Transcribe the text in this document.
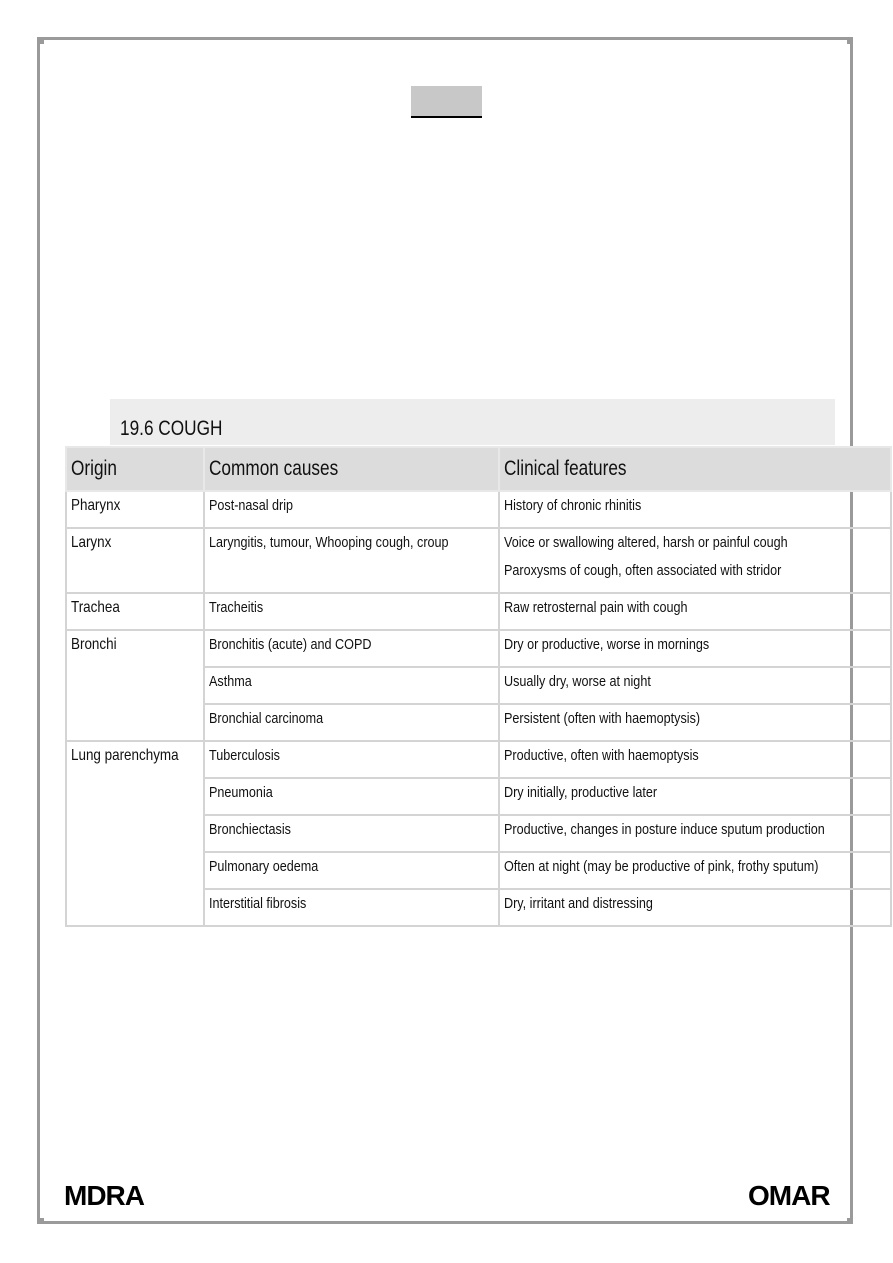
19.6 COUGH
Origin	Common causes	Clinical features
Pharynx	Post-nasal drip	History of chronic rhinitis
Larynx	Laryngitis, tumour, Whooping cough, croup	Voice or swallowing altered, harsh or painful cough
Paroxysms of cough, often associated with stridor
Trachea	Tracheitis	Raw retrosternal pain with cough
Bronchi	Bronchitis (acute) and COPD	Dry or productive, worse in mornings
	Asthma	Usually dry, worse at night
	Bronchial carcinoma	Persistent (often with haemoptysis)
Lung parenchyma	Tuberculosis	Productive, often with haemoptysis
	Pneumonia	Dry initially, productive later
	Bronchiectasis	Productive, changes in posture induce sputum production
	Pulmonary oedema	Often at night (may be productive of pink, frothy sputum)
	Interstitial fibrosis	Dry, irritant and distressing
MDRA	OMAR
